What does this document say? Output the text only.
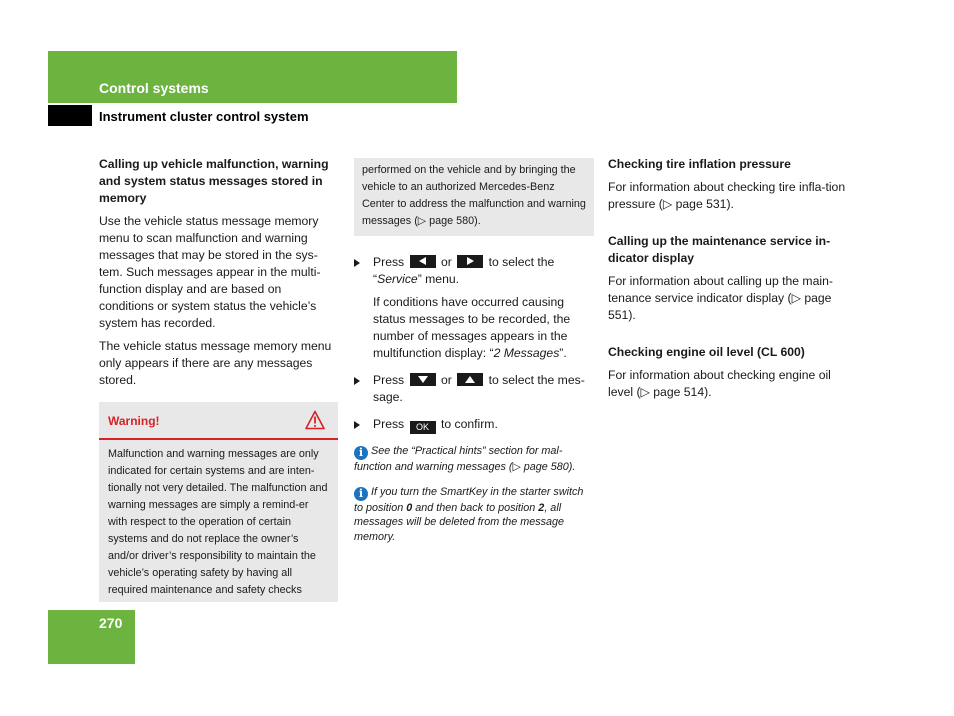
Control systems
Instrument cluster control system
Calling up vehicle malfunction, warning and system status messages stored in memory

Use the vehicle status message memory menu to scan malfunction and warning messages that may be stored in the sys-tem. Such messages appear in the multi-function display and are based on conditions or system status the vehicle’s system has recorded.

The vehicle status message memory menu only appears if there are any messages stored.

Warning!
Malfunction and warning messages are only indicated for certain systems and are inten-tionally not very detailed. The malfunction and warning messages are simply a remind-er with respect to the operation of certain systems and do not replace the owner’s and/or driver’s responsibility to maintain the vehicle’s operating safety by having all required maintenance and safety checks
performed on the vehicle and by bringing the vehicle to an authorized Mercedes-Benz Center to address the malfunction and warning messages (▷ page 580).
Press	or	to select the “Service” menu.
If conditions have occurred causing status messages to be recorded, the number of messages appears in the multifunction display: “2 Messages”.
Press	or	to select the mes-sage.
Press OK to confirm.
i See the “Practical hints” section for mal-function and warning messages (▷ page 580).
i If you turn the SmartKey in the starter switch to position 0 and then back to position 2, all messages will be deleted from the message memory.
Checking tire inflation pressure

For information about checking tire infla-tion pressure (▷ page 531).

Calling up the maintenance service in-dicator display

For information about calling up the main-tenance service indicator display (▷ page 551).

Checking engine oil level (CL 600)

For information about checking engine oil level (▷ page 514).

270
